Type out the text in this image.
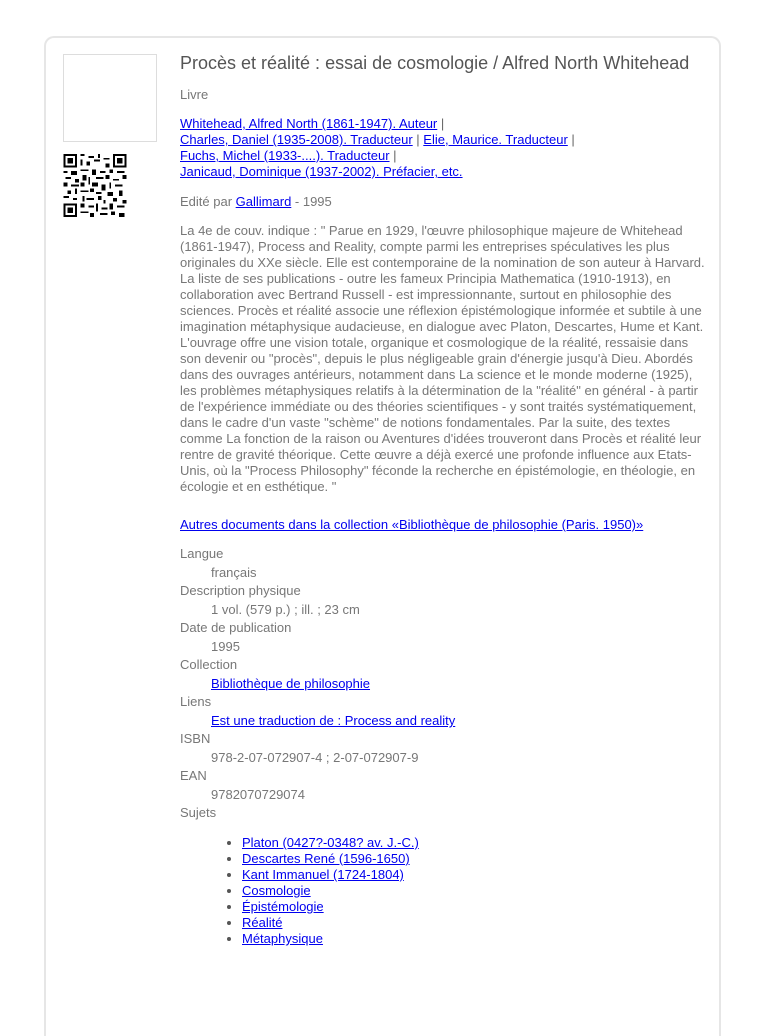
Procès et réalité : essai de cosmologie / Alfred North Whitehead
Livre
Whitehead, Alfred North (1861-1947). Auteur |
Charles, Daniel (1935-2008). Traducteur | Elie, Maurice. Traducteur |
Fuchs, Michel (1933-....). Traducteur |
Janicaud, Dominique (1937-2002). Préfacier, etc.
Edité par Gallimard - 1995
La 4e de couv. indique : " Parue en 1929, l'œuvre philosophique majeure de Whitehead (1861-1947), Process and Reality, compte parmi les entreprises spéculatives les plus originales du XXe siècle. Elle est contemporaine de la nomination de son auteur à Harvard. La liste de ses publications - outre les fameux Principia Mathematica (1910-1913), en collaboration avec Bertrand Russell - est impressionnante, surtout en philosophie des sciences. Procès et réalité associe une réflexion épistémologique informée et subtile à une imagination métaphysique audacieuse, en dialogue avec Platon, Descartes, Hume et Kant. L'ouvrage offre une vision totale, organique et cosmologique de la réalité, ressaisie dans son devenir ou "procès", depuis le plus négligeable grain d'énergie jusqu'à Dieu. Abordés dans des ouvrages antérieurs, notamment dans La science et le monde moderne (1925), les problèmes métaphysiques relatifs à la détermination de la "réalité" en général - à partir de l'expérience immédiate ou des théories scientifiques - y sont traités systématiquement, dans le cadre d'un vaste "schème" de notions fondamentales. Par la suite, des textes comme La fonction de la raison ou Aventures d'idées trouveront dans Procès et réalité leur rentre de gravité théorique. Cette œuvre a déjà exercé une profonde influence aux Etats-Unis, où la "Process Philosophy" féconde la recherche en épistémologie, en théologie, en écologie et en esthétique. "
Autres documents dans la collection «Bibliothèque de philosophie (Paris. 1950)»
Langue
français
Description physique
1 vol. (579 p.) ; ill. ; 23 cm
Date de publication
1995
Collection
Bibliothèque de philosophie
Liens
Est une traduction de : Process and reality
ISBN
978-2-07-072907-4 ; 2-07-072907-9
EAN
9782070729074
Sujets
• Platon (0427?-0348? av. J.-C.)
• Descartes René (1596-1650)
• Kant Immanuel (1724-1804)
• Cosmologie
• Épistémologie
• Réalité
• Métaphysique
